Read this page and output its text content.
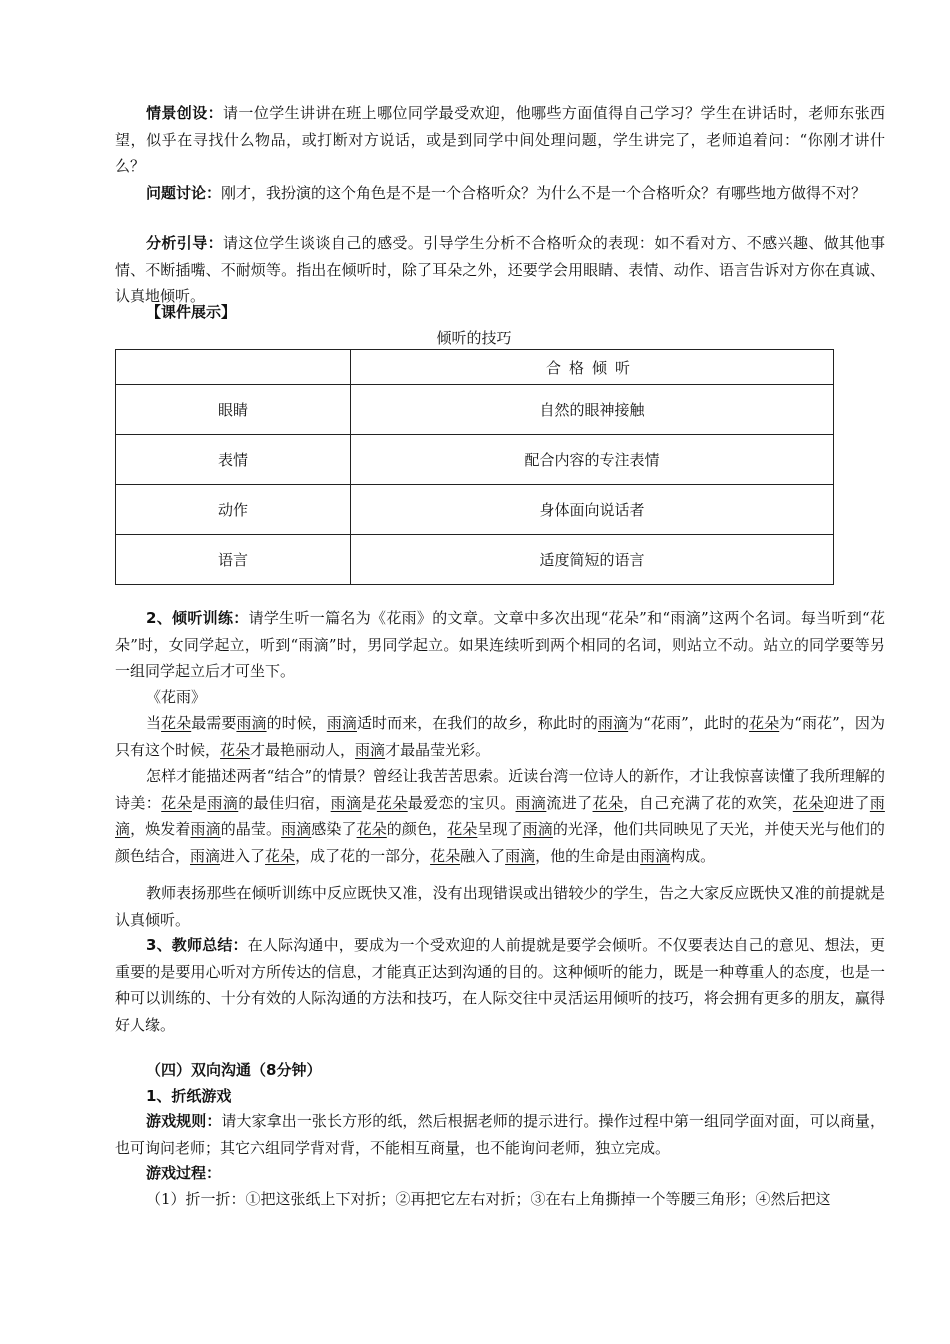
情景创设：请一位学生讲讲在班上哪位同学最受欢迎，他哪些方面值得自己学习？学生在讲话时，老师东张西望，似乎在寻找什么物品，或打断对方说话，或是到同学中间处理问题，学生讲完了，老师追着问：“你刚才讲什么？

问题讨论：刚才，我扮演的这个角色是不是一个合格听众？为什么不是一个合格听众？有哪些地方做得不对？

分析引导：请这位学生谈谈自己的感受。引导学生分析不合格听众的表现：如不看对方、不感兴趣、做其他事情、不断插嘴、不耐烦等。指出在倾听时，除了耳朵之外，还要学会用眼睛、表情、动作、语言告诉对方你在真诚、认真地倾听。

【课件展示】

倾听的技巧
	合格倾听
眼睛	自然的眼神接触
表情	配合内容的专注表情
动作	身体面向说话者
语言	适度简短的语言

2、倾听训练：请学生听一篇名为《花雨》的文章。文章中多次出现“花朵”和“雨滴”这两个名词。每当听到“花朵”时，女同学起立，听到“雨滴”时，男同学起立。如果连续听到两个相同的名词，则站立不动。站立的同学要等另一组同学起立后才可坐下。

《花雨》

当花朵最需要雨滴的时候，雨滴适时而来，在我们的故乡，称此时的雨滴为“花雨”，此时的花朵为“雨花”，因为只有这个时候，花朵才最艳丽动人，雨滴才最晶莹光彩。

怎样才能描述两者“结合”的情景？曾经让我苦苦思索。近读台湾一位诗人的新作，才让我惊喜读懂了我所理解的诗美：花朵是雨滴的最佳归宿，雨滴是花朵最爱恋的宝贝。雨滴流进了花朵，自己充满了花的欢笑，花朵迎进了雨滴，焕发着雨滴的晶莹。雨滴感染了花朵的颜色，花朵呈现了雨滴的光泽，他们共同映见了天光，并使天光与他们的颜色结合，雨滴进入了花朵，成了花的一部分，花朵融入了雨滴，他的生命是由雨滴构成。

教师表扬那些在倾听训练中反应既快又准，没有出现错误或出错较少的学生，告之大家反应既快又准的前提就是认真倾听。

3、教师总结：在人际沟通中，要成为一个受欢迎的人前提就是要学会倾听。不仅要表达自己的意见、想法，更重要的是要用心听对方所传达的信息，才能真正达到沟通的目的。这种倾听的能力，既是一种尊重人的态度，也是一种可以训练的、十分有效的人际沟通的方法和技巧，在人际交往中灵活运用倾听的技巧，将会拥有更多的朋友，赢得好人缘。

（四）双向沟通（8分钟）

1、折纸游戏

游戏规则：请大家拿出一张长方形的纸，然后根据老师的提示进行。操作过程中第一组同学面对面，可以商量，也可询问老师；其它六组同学背对背，不能相互商量，也不能询问老师，独立完成。

游戏过程：

（1）折一折：①把这张纸上下对折；②再把它左右对折；③在右上角撕掉一个等腰三角形；④然后把这
